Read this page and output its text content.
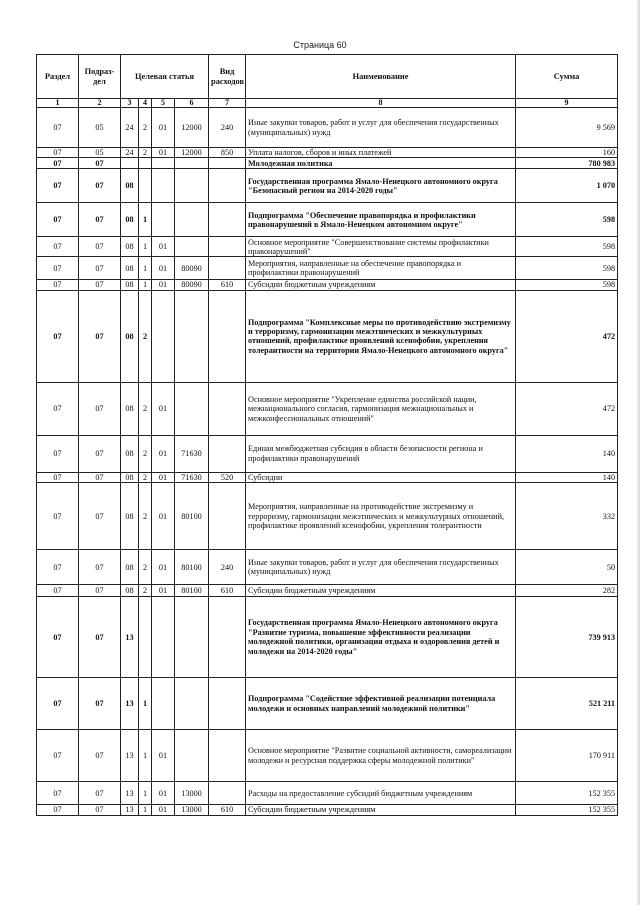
Страница 60
Раздел	Подраз-дел	Целевая статья				Вид расходов	Наименование	Сумма
1	2	3	4	5	6	7	8	9
07	05	24	2	01	12000	240	Иные закупки товаров, работ и услуг для обеспечения государственных (муниципальных) нужд	9 569
07	05	24	2	01	12000	850	Уплата налогов, сборов и иных платежей	160
07	07						Молодежная политика	780 983
07	07	08					Государственная программа Ямало-Ненецкого автономного округа "Безопасный регион на 2014-2020 годы"	1 070
07	07	08	1				Подпрограмма "Обеспечение правопорядка и профилактики правонарушений в Ямало-Ненецком автономном округе"	598
07	07	08	1	01			Основное мероприятие "Совершенствование системы профилактики правонарушений"	598
07	07	08	1	01	80090		Мероприятия, направленные на обеспечение правопорядка и профилактики правонарушений	598
07	07	08	1	01	80090	610	Субсидии бюджетным учреждениям	598
07	07	08	2				Подпрограмма "Комплексные меры по противодействию экстремизму и терроризму, гармонизации межэтнических и межкультурных отношений, профилактике проявлений ксенофобии, укрепления толерантности на территории Ямало-Ненецкого автономного округа"	472
07	07	08	2	01			Основное мероприятие "Укрепление единства российской нации, межнационального согласия, гармонизация межнациональных и межконфессиональных отношений"	472
07	07	08	2	01	71630		Единая межбюджетная субсидия в области безопасности региона и профилактики правонарушений	140
07	07	08	2	01	71630	520	Субсидии	140
07	07	08	2	01	80100		Мероприятия, направленные на противодействие экстремизму и терроризму, гармонизации межэтнических и межкультурных отношений, профилактике проявлений ксенофобии, укрепления толерантности	332
07	07	08	2	01	80100	240	Иные закупки товаров, работ и услуг для обеспечения государственных (муниципальных) нужд	50
07	07	08	2	01	80100	610	Субсидии бюджетным учреждениям	282
07	07	13					Государственная программа Ямало-Ненецкого автономного округа "Развитие туризма, повышение эффективности реализации молодежной политики, организация отдыха и оздоровления детей и молодежи на 2014-2020 годы"	739 913
07	07	13	1				Подпрограмма "Содействие эффективной реализации потенциала молодежи и основных направлений молодежной политики"	521 211
07	07	13	1	01			Основное мероприятие "Развитие социальной активности, самореализации молодежи и ресурсная поддержка сферы молодежной политики"	170 911
07	07	13	1	01	13000		Расходы на предоставление субсидий бюджетным учреждениям	152 355
07	07	13	1	01	13000	610	Субсидии бюджетным учреждениям	152 355
